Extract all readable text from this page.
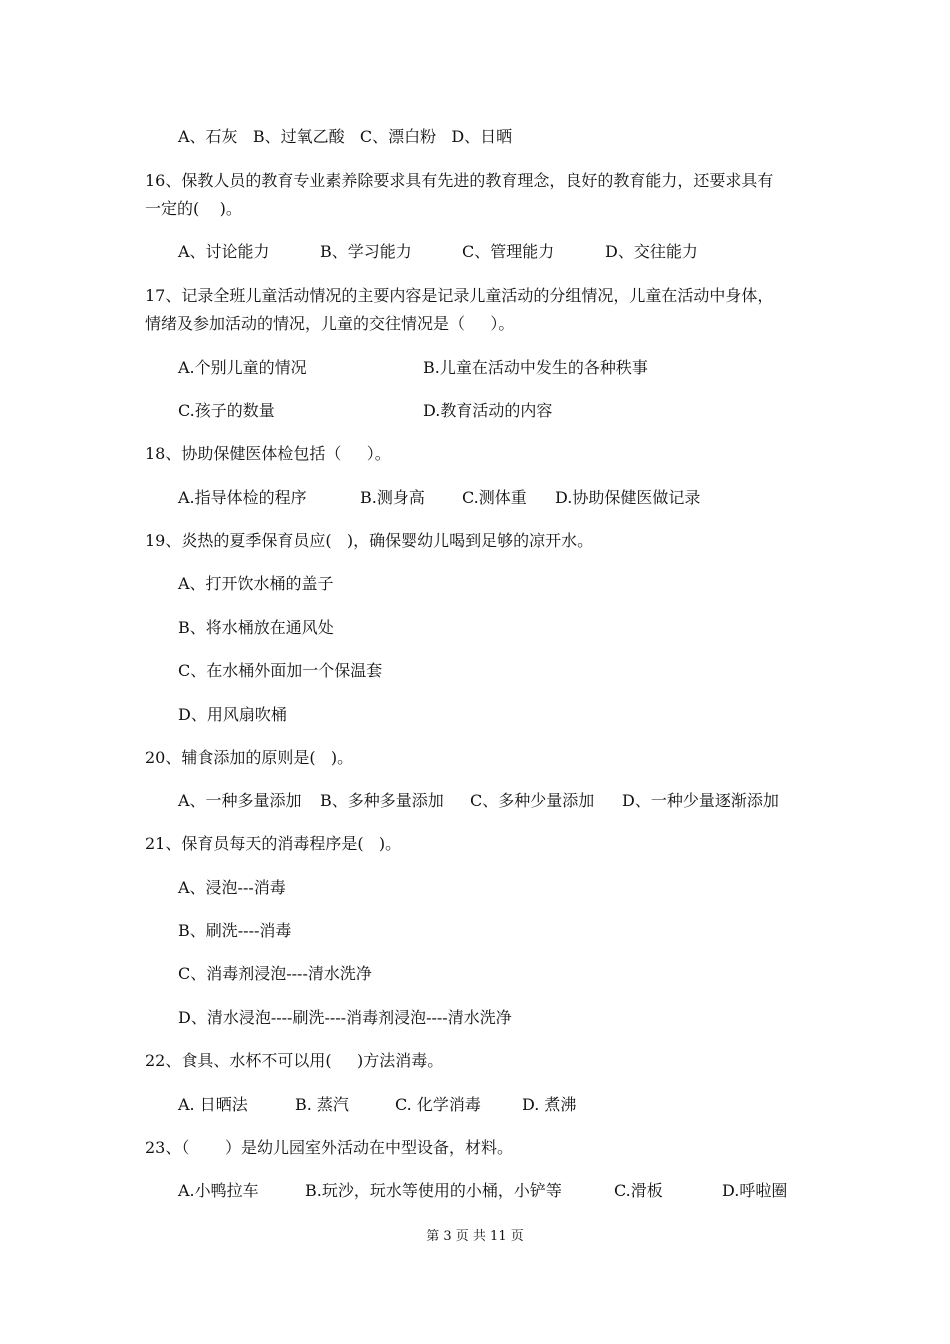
A、石灰   B、过氧乙酸   C、漂白粉   D、日晒
16、保教人员的教育专业素养除要求具有先进的教育理念，良好的教育能力，还要求具有
一定的(    )。
A、讨论能力	B、学习能力	C、管理能力	D、交往能力
17、记录全班儿童活动情况的主要内容是记录儿童活动的分组情况，儿童在活动中身体，
情绪及参加活动的情况，儿童的交往情况是（     ）。
A.个别儿童的情况	B.儿童在活动中发生的各种秩事
C.孩子的数量	D.教育活动的内容
18、协助保健医体检包括（     ）。
A.指导体检的程序	B.测身高 C.测体重 D.协助保健医做记录
19、炎热的夏季保育员应(   )，确保婴幼儿喝到足够的凉开水。
A、打开饮水桶的盖子
B、将水桶放在通风处
C、在水桶外面加一个保温套
D、用风扇吹桶
20、辅食添加的原则是(   )。
A、一种多量添加 B、多种多量添加 C、多种少量添加 D、一种少量逐渐添加
21、保育员每天的消毒程序是(   )。
A、浸泡---消毒
B、刷洗----消毒
C、消毒剂浸泡----清水洗净
D、清水浸泡----刷洗----消毒剂浸泡----清水洗净
22、食具、水杯不可以用(     )方法消毒。
A. 日晒法	B. 蒸汽	C. 化学消毒	D. 煮沸
23、（       ）是幼儿园室外活动在中型设备，材料。
A.小鸭拉车	B.玩沙，玩水等使用的小桶，小铲等	C.滑板	D.呼啦圈
第 3 页 共 11 页
